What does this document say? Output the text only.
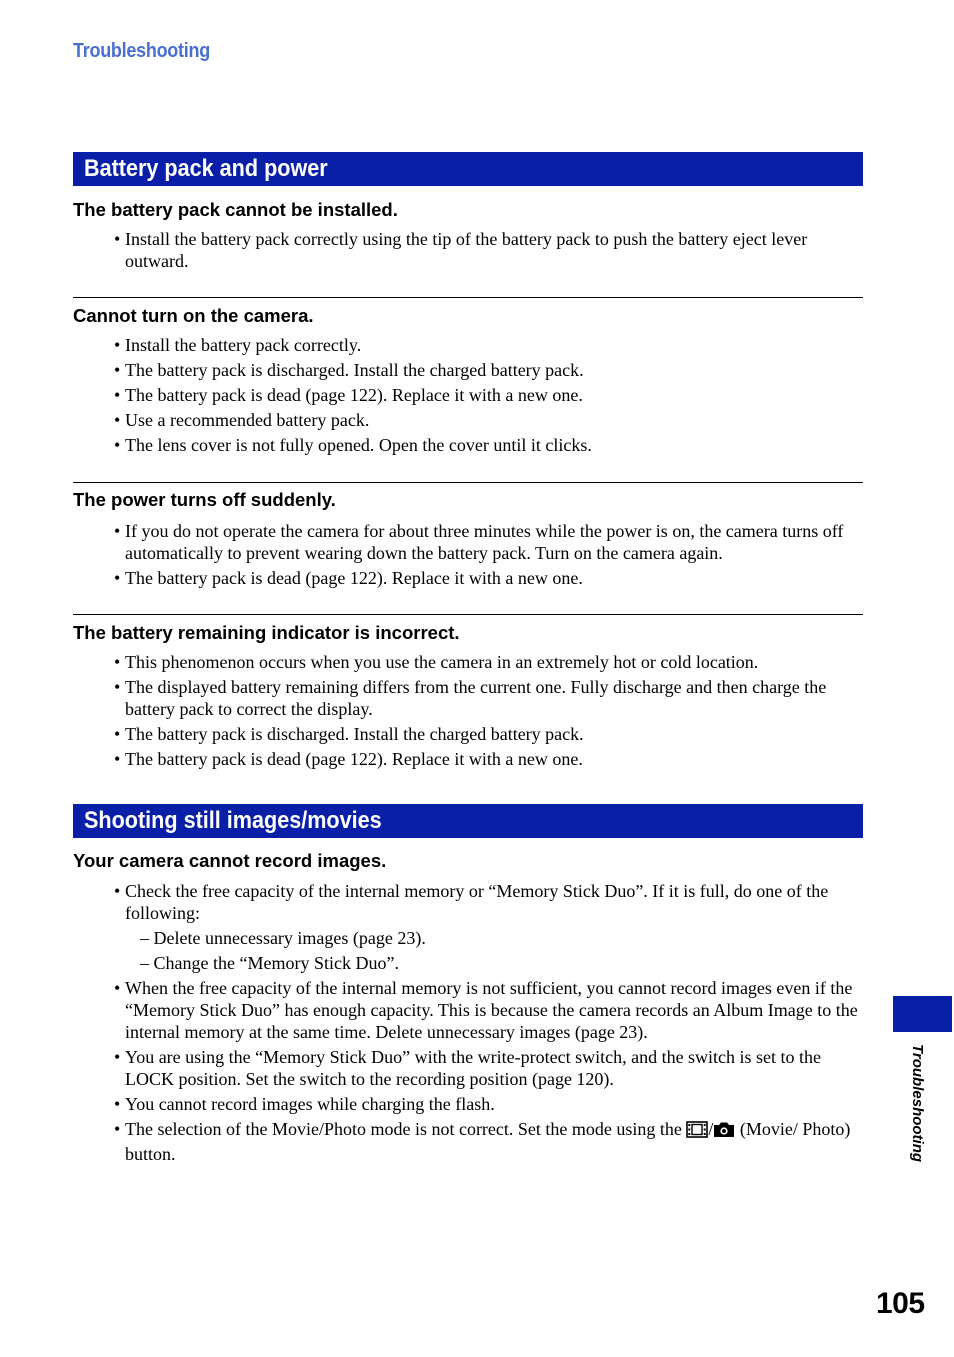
Troubleshooting
Battery pack and power

The battery pack cannot be installed.

• Install the battery pack correctly using the tip of the battery pack to push the battery eject lever outward.

Cannot turn on the camera.

• Install the battery pack correctly.
• The battery pack is discharged. Install the charged battery pack.
• The battery pack is dead (page 122). Replace it with a new one.
• Use a recommended battery pack.
• The lens cover is not fully opened. Open the cover until it clicks.

The power turns off suddenly.

• If you do not operate the camera for about three minutes while the power is on, the camera turns off automatically to prevent wearing down the battery pack. Turn on the camera again.
• The battery pack is dead (page 122). Replace it with a new one.

The battery remaining indicator is incorrect.

• This phenomenon occurs when you use the camera in an extremely hot or cold location.
• The displayed battery remaining differs from the current one. Fully discharge and then charge the battery pack to correct the display.
• The battery pack is discharged. Install the charged battery pack.
• The battery pack is dead (page 122). Replace it with a new one.
Shooting still images/movies

Your camera cannot record images.

• Check the free capacity of the internal memory or “Memory Stick Duo”. If it is full, do one of the following:
– Delete unnecessary images (page 23).
– Change the “Memory Stick Duo”.
• When the free capacity of the internal memory is not sufficient, you cannot record images even if the “Memory Stick Duo” has enough capacity. This is because the camera records an Album Image to the internal memory at the same time. Delete unnecessary images (page 23).
• You are using the “Memory Stick Duo” with the write-protect switch, and the switch is set to the LOCK position. Set the switch to the recording position (page 120).
• You cannot record images while charging the flash.
• The selection of the Movie/Photo mode is not correct. Set the mode using the / (Movie/ Photo) button.	Troubleshooting
105
